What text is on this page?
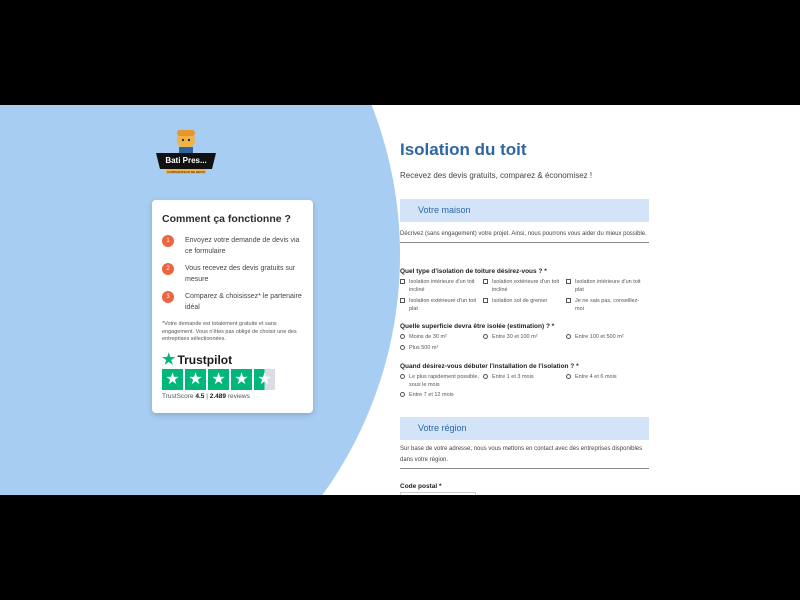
Bati Pres...
COMPARATEUR DE DEVIS
Comment ça fonctionne ?
1	Envoyez votre demande de devis via ce formulaire
2	Vous recevez des devis gratuits sur mesure
3	Comparez & choisissez* le partenaire idéal
*Votre demande est totalement gratuite et sans engagement. Vous n'êtes pas obligé de choisir une des entreprises sélectionnées.
★ Trustpilot
★ ★ ★ ★ ★
TrustScore 4.5 | 2.489 reviews
Isolation du toit
Recevez des devis gratuits, comparez & économisez !
Votre maison
Décrivez (sans engagement) votre projet. Ainsi, nous pourrons vous aider du mieux possible.
Quel type d'isolation de toiture désirez-vous ? *
Isolation intérieure d'un toit incliné
Isolation extérieure d'un toit incliné
Isolation intérieure d'un toit plat
Isolation extérieure d'un toit plat
Isolation sol de grenier	Je ne sais pas, conseillez-moi
Quelle superficie devra être isolée (estimation) ? *
Moins de 30 m²	Entre 30 et 100 m²	Entre 100 et 500 m²
Plus 500 m²
Quand désirez-vous débuter l'installation de l'isolation ? *
Le plus rapidement possible, sous le mois
Entre 1 et 3 mois	Entre 4 et 6 mois
Entre 7 et 12 mois
Votre région
Sur base de votre adresse, nous vous mettons en contact avec des entreprises disponibles dans votre région.
Code postal *
